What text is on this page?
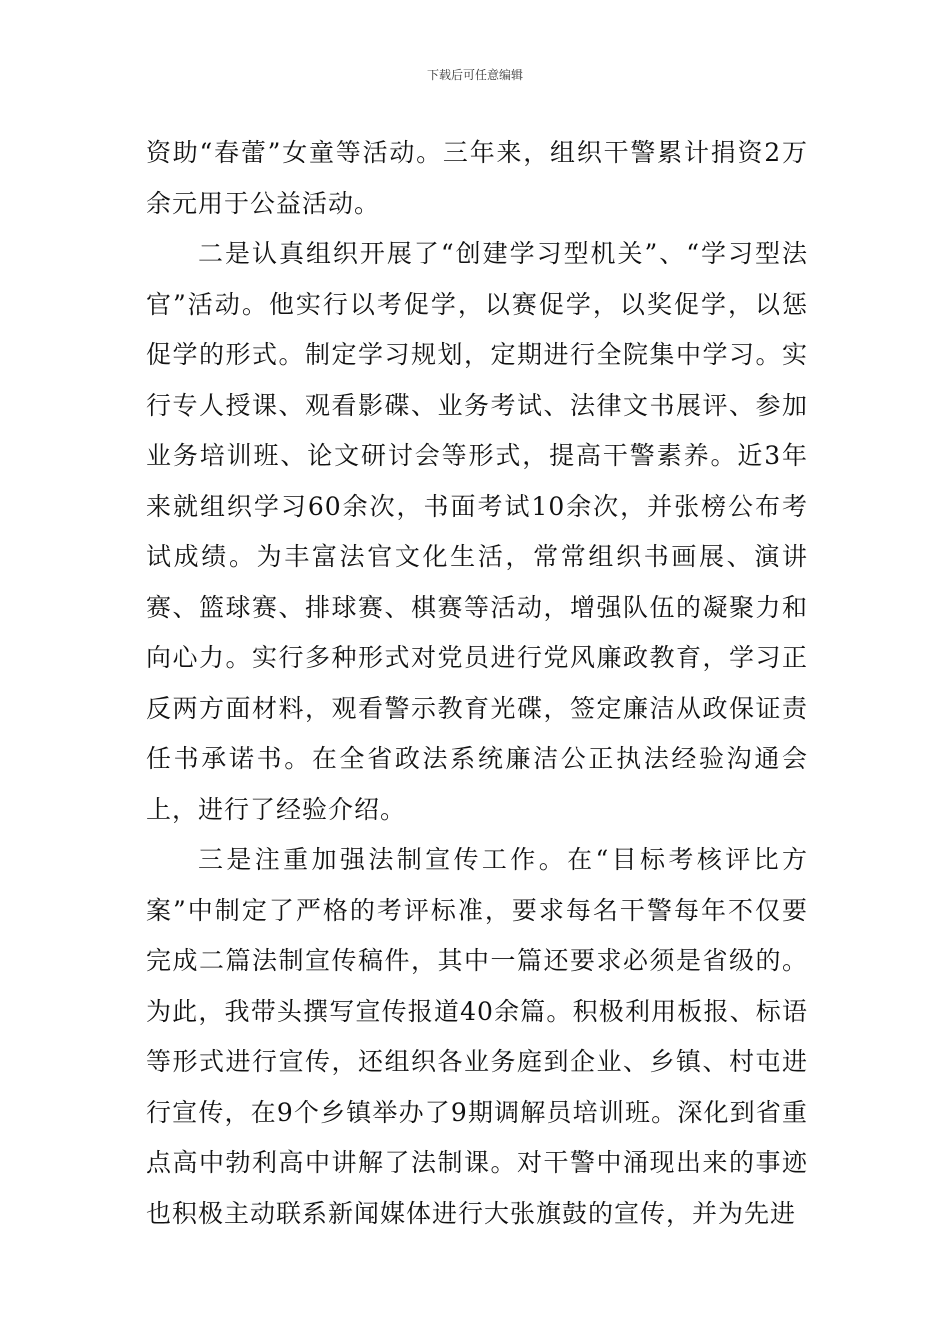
下载后可任意编辑

资助“春蕾”女童等活动。三年来，组织干警累计捐资2万余元用于公益活动。

二是认真组织开展了“创建学习型机关”、“学习型法官”活动。他实行以考促学，以赛促学，以奖促学，以惩促学的形式。制定学习规划，定期进行全院集中学习。实行专人授课、观看影碟、业务考试、法律文书展评、参加业务培训班、论文研讨会等形式，提高干警素养。近3年来就组织学习60余次，书面考试10余次，并张榜公布考试成绩。为丰富法官文化生活，常常组织书画展、演讲赛、篮球赛、排球赛、棋赛等活动，增强队伍的凝聚力和向心力。实行多种形式对党员进行党风廉政教育，学习正反两方面材料，观看警示教育光碟，签定廉洁从政保证责任书承诺书。在全省政法系统廉洁公正执法经验沟通会上，进行了经验介绍。

三是注重加强法制宣传工作。在“目标考核评比方案”中制定了严格的考评标准，要求每名干警每年不仅要完成二篇法制宣传稿件，其中一篇还要求必须是省级的。为此，我带头撰写宣传报道40余篇。积极利用板报、标语等形式进行宣传，还组织各业务庭到企业、乡镇、村屯进行宣传，在9个乡镇举办了9期调解员培训班。深化到省重点高中勃利高中讲解了法制课。对干警中涌现出来的事迹也积极主动联系新闻媒体进行大张旗鼓的宣传，并为先进
